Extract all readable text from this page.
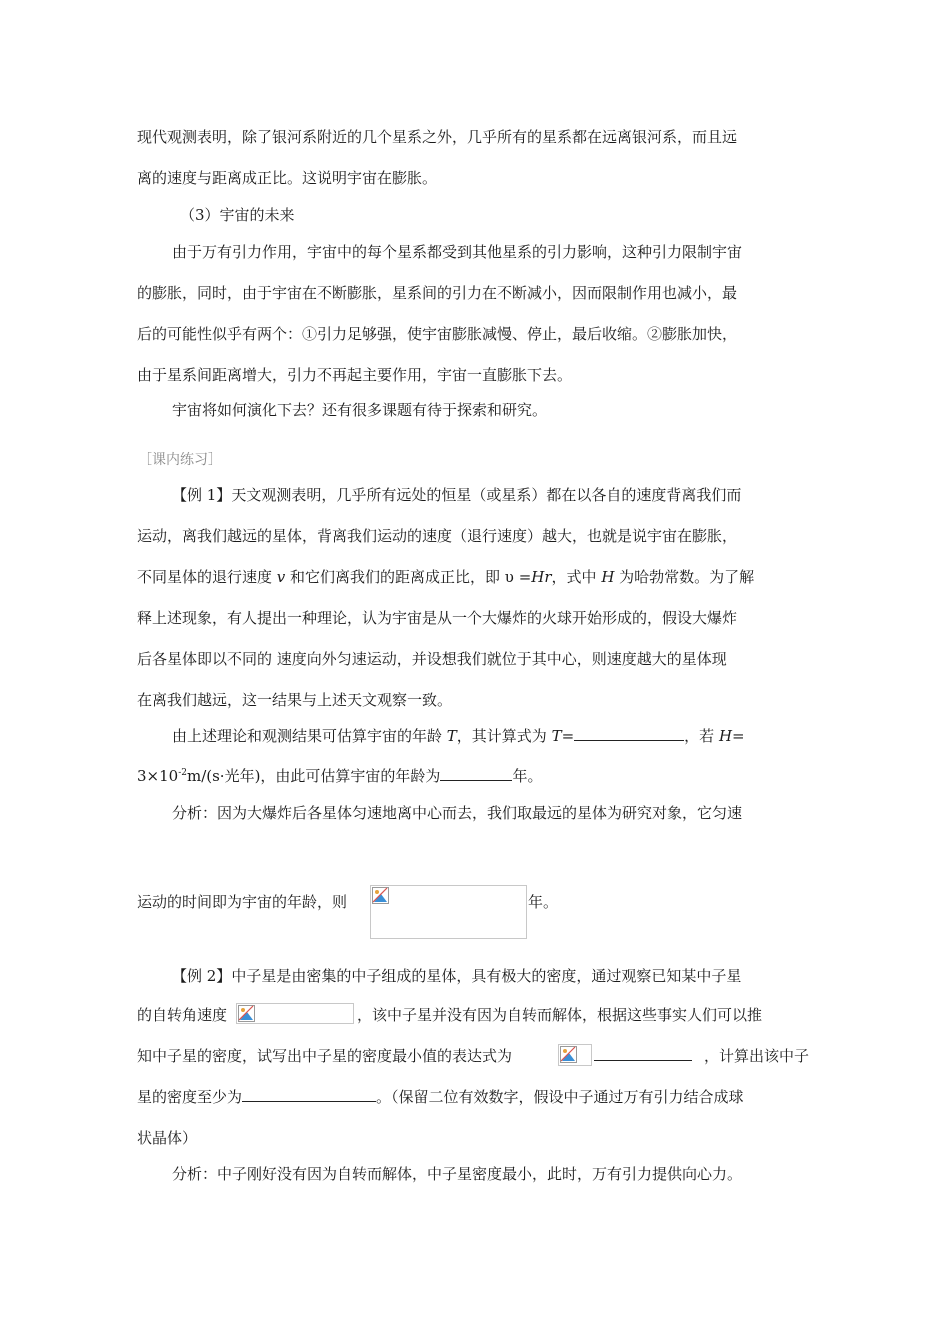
现代观测表明，除了银河系附近的几个星系之外，几乎所有的星系都在远离银河系，而且远
离的速度与距离成正比。这说明宇宙在膨胀。
（3）宇宙的未来
由于万有引力作用，宇宙中的每个星系都受到其他星系的引力影响，这种引力限制宇宙
的膨胀，同时，由于宇宙在不断膨胀，星系间的引力在不断减小，因而限制作用也减小，最
后的可能性似乎有两个：①引力足够强，使宇宙膨胀减慢、停止，最后收缩。②膨胀加快，
由于星系间距离增大，引力不再起主要作用，宇宙一直膨胀下去。
宇宙将如何演化下去？还有很多课题有待于探索和研究。
［课内练习］
【例 1】天文观测表明，几乎所有远处的恒星（或星系）都在以各自的速度背离我们而
运动，离我们越远的星体，背离我们运动的速度（退行速度）越大，也就是说宇宙在膨胀，
不同星体的退行速度 v 和它们离我们的距离成正比，即 υ =Hr，式中 H 为哈勃常数。为了解
释上述现象，有人提出一种理论，认为宇宙是从一个大爆炸的火球开始形成的，假设大爆炸
后各星体即以不同的 速度向外匀速运动，并设想我们就位于其中心，则速度越大的星体现
在离我们越远，这一结果与上述天文观察一致。
由上述理论和观测结果可估算宇宙的年龄 T，其计算式为 T=	，若 H=
$3\times 10^{-2}m/(s\cdot$光年)，由此可估算宇宙的年龄为	年。
分析：因为大爆炸后各星体匀速地离中心而去，我们取最远的星体为研究对象，它匀速
运动的时间即为宇宙的年龄，则	年。
【例 2】中子星是由密集的中子组成的星体，具有极大的密度，通过观察已知某中子星
的自转角速度	，该中子星并没有因为自转而解体，根据这些事实人们可以推
知中子星的密度，试写出中子星的密度最小值的表达式为	，计算出该中子
星的密度至少为	。（保留二位有效数字，假设中子通过万有引力结合成球
状晶体）
分析：中子刚好没有因为自转而解体，中子星密度最小，此时，万有引力提供向心力。
